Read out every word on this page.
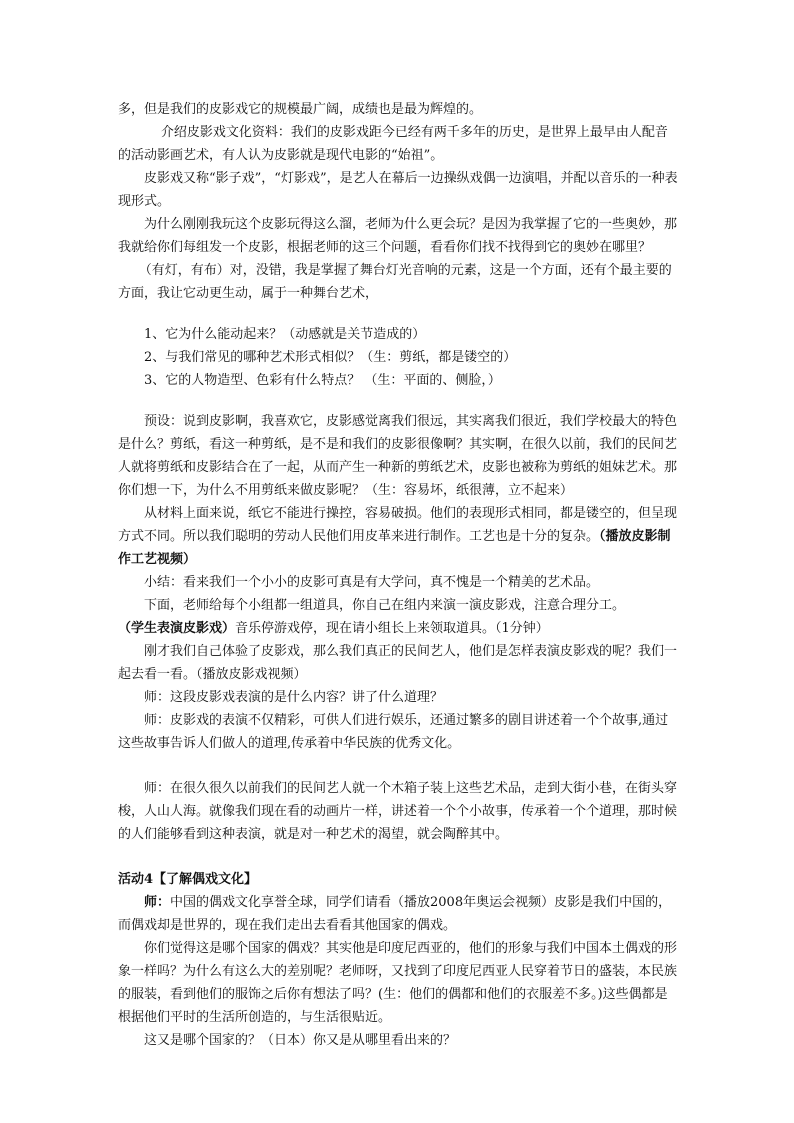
多，但是我们的皮影戏它的规模最广阔，成绩也是最为辉煌的。

介绍皮影戏文化资料：我们的皮影戏距今已经有两千多年的历史，是世界上最早由人配音的活动影画艺术，有人认为皮影就是现代电影的“始祖”。

皮影戏又称“影子戏”，“灯影戏”，是艺人在幕后一边操纵戏偶一边演唱，并配以音乐的一种表现形式。

为什么刚刚我玩这个皮影玩得这么溜，老师为什么更会玩？是因为我掌握了它的一些奥妙，那我就给你们每组发一个皮影，根据老师的这三个问题，看看你们找不找得到它的奥妙在哪里？

（有灯，有布）对，没错，我是掌握了舞台灯光音响的元素，这是一个方面，还有个最主要的方面，我让它动更生动，属于一种舞台艺术，

1、它为什么能动起来？（动感就是关节造成的）

2、与我们常见的哪种艺术形式相似？（生：剪纸，都是镂空的）

3、它的人物造型、色彩有什么特点？ （生：平面的、侧脸，）

预设：说到皮影啊，我喜欢它，皮影感觉离我们很远，其实离我们很近，我们学校最大的特色是什么？剪纸，看这一种剪纸，是不是和我们的皮影很像啊？其实啊，在很久以前，我们的民间艺人就将剪纸和皮影结合在了一起，从而产生一种新的剪纸艺术，皮影也被称为剪纸的姐妹艺术。那你们想一下，为什么不用剪纸来做皮影呢？（生：容易坏，纸很薄，立不起来）

从材料上面来说，纸它不能进行操控，容易破损。他们的表现形式相同，都是镂空的，但呈现方式不同。所以我们聪明的劳动人民他们用皮革来进行制作。工艺也是十分的复杂。（播放皮影制作工艺视频）

小结：看来我们一个小小的皮影可真是有大学问，真不愧是一个精美的艺术品。

下面，老师给每个小组都一组道具，你自己在组内来演一演皮影戏，注意合理分工。

（学生表演皮影戏）音乐停游戏停，现在请小组长上来领取道具。（1分钟）

刚才我们自己体验了皮影戏，那么我们真正的民间艺人，他们是怎样表演皮影戏的呢？我们一起去看一看。（播放皮影戏视频）

师：这段皮影戏表演的是什么内容？讲了什么道理？

师：皮影戏的表演不仅精彩，可供人们进行娱乐，还通过繁多的剧目讲述着一个个故事,通过这些故事告诉人们做人的道理,传承着中华民族的优秀文化。

师：在很久很久以前我们的民间艺人就一个木箱子装上这些艺术品，走到大街小巷，在街头穿梭，人山人海。就像我们现在看的动画片一样，讲述着一个个小故事，传承着一个个道理，那时候的人们能够看到这种表演，就是对一种艺术的渴望，就会陶醉其中。

活动4【了解偶戏文化】

师：中国的偶戏文化享誉全球，同学们请看（播放2008年奥运会视频）皮影是我们中国的，而偶戏却是世界的，现在我们走出去看看其他国家的偶戏。

你们觉得这是哪个国家的偶戏？其实他是印度尼西亚的，他们的形象与我们中国本土偶戏的形象一样吗？为什么有这么大的差别呢？老师呀，又找到了印度尼西亚人民穿着节日的盛装，本民族的服装，看到他们的服饰之后你有想法了吗？(生：他们的偶都和他们的衣服差不多。)这些偶都是根据他们平时的生活所创造的，与生活很贴近。

这又是哪个国家的？（日本）你又是从哪里看出来的？
